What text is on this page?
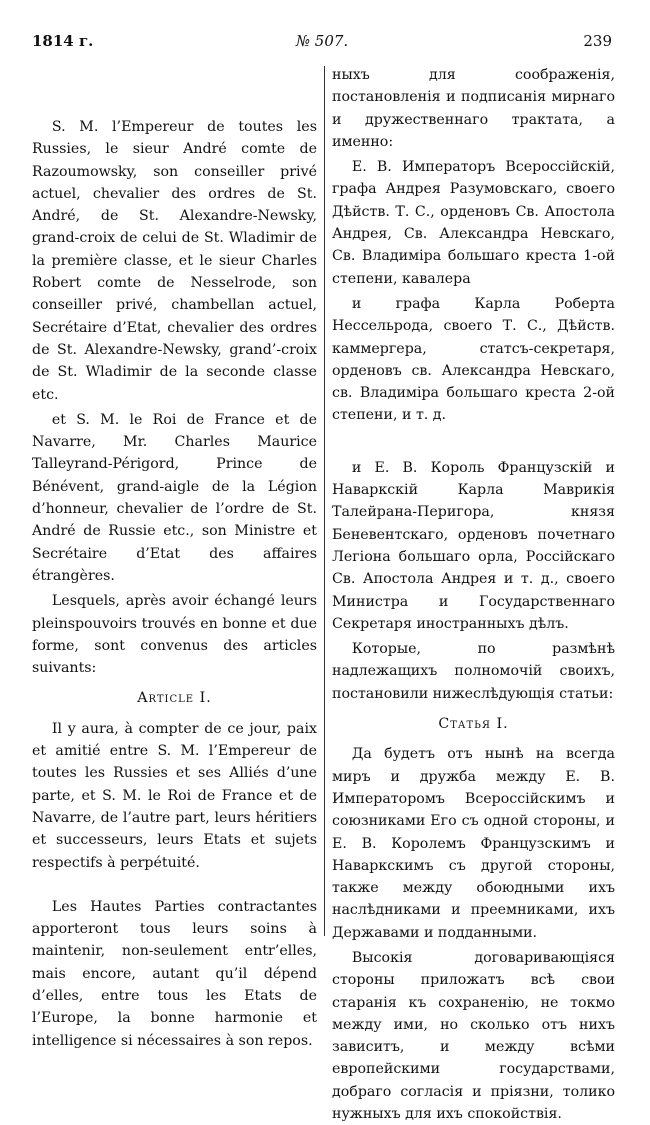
1814 г.	№ 507.	239

S. M. l’Empereur de toutes les Russies, le sieur André comte de Razoumowsky, son conseiller privé actuel, chevalier des ordres de St. André, de St. Alexandre-Newsky, grand-croix de celui de St. Wladimir de la première classe, et le sieur Charles Robert comte de Nesselrode, son conseiller privé, chambellan actuel, Secrétaire d’Etat, chevalier des ordres de St. Alexandre-Newsky, grand’-croix de St. Wladimir de la seconde classe etc.

et S. M. le Roi de France et de Navarre, Mr. Charles Maurice Talleyrand-Périgord, Prince de Bénévent, grand-aigle de la Légion d’honneur, chevalier de l’ordre de St. André de Russie etc., son Ministre et Secrétaire d’Etat des affaires étrangères.

Lesquels, après avoir échangé leurs pleinspouvoirs trouvés en bonne et due forme, sont convenus des articles suivants:

Article I.

Il y aura, à compter de ce jour, paix et amitié entre S. M. l’Empereur de toutes les Russies et ses Alliés d’une parte, et S. M. le Roi de France et de Navarre, de l’autre part, leurs héritiers et successeurs, leurs Etats et sujets respectifs à perpétuité.

Les Hautes Parties contractantes apporteront tous leurs soins à maintenir, non-seulement entr’elles, mais encore, autant qu’il dépend d’elles, entre tous les Etats de l’Europe, la bonne harmonie et intelligence si nécessaires à son repos.

ныхъ для соображенія, постановленія и подписанія мирнаго и дружественнаго трактата, а именно:

Е. В. Императоръ Всероссійскій, графа Андрея Разумовскаго, своего Дѣйств. Т. С., орденовъ Св. Апостола Андрея, Св. Александра Невскаго, Св. Владиміра большаго креста 1-ой степени, кавалера

и графа Карла Роберта Нессельрода, своего Т. С., Дѣйств. каммергера, статсъ-секретаря, орденовъ св. Александра Невскаго, св. Владиміра большаго креста 2-ой степени, и т. д.

и Е. В. Король Французскій и Наваркскій Карла Маврикія Талейрана-Перигора, князя Беневентскаго, орденовъ почетнаго Легіона большаго орла, Россійскаго Св. Апостола Андрея и т. д., своего Министра и Государственнаго Секретаря иностранныхъ дѣлъ.

Которые, по размѣнѣ надлежащихъ полномочій своихъ, постановили нижеслѣдующія статьи:

Статья I.

Да будетъ отъ нынѣ на всегда миръ и дружба между Е. В. Императоромъ Всероссійскимъ и союзниками Его съ одной стороны, и Е. В. Королемъ Французскимъ и Наваркскимъ съ другой стороны, также между обоюдными ихъ наслѣдниками и преемниками, ихъ Державами и подданными.

Высокія договаривающіяся стороны приложатъ всѣ свои старанія къ сохраненію, не токмо между ими, но сколько отъ нихъ зависитъ, и между всѣми европейскими государствами, добраго согласія и пріязни, толико нужныхъ для ихъ спокойствія.
